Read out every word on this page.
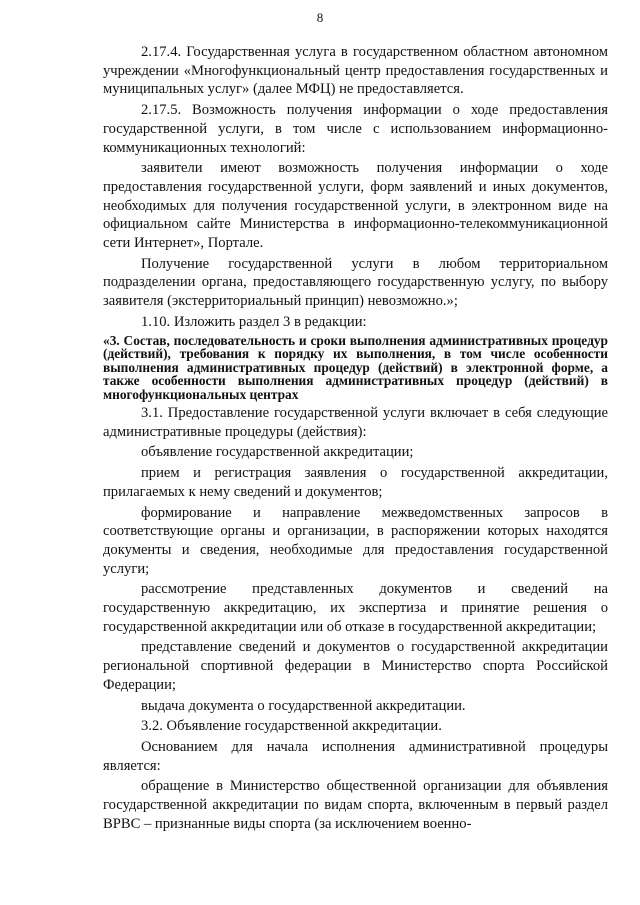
8

2.17.4. Государственная услуга в государственном областном автономном учреждении «Многофункциональный центр предоставления государственных и муниципальных услуг» (далее МФЦ) не предоставляется.

2.17.5. Возможность получения информации о ходе предоставления государственной услуги, в том числе с использованием информационно-коммуникационных технологий:

заявители имеют возможность получения информации о ходе предоставления государственной услуги, форм заявлений и иных документов, необходимых для получения государственной услуги, в электронном виде на официальном сайте Министерства в информационно-телекоммуникационной сети Интернет», Портале.

Получение государственной услуги в любом территориальном подразделении органа, предоставляющего государственную услугу, по выбору заявителя (экстерриториальный принцип) невозможно.»;

1.10. Изложить раздел 3 в редакции:

«3. Состав, последовательность и сроки выполнения административных процедур (действий), требования к порядку их выполнения, в том числе особенности выполнения административных процедур (действий) в электронной форме, а также особенности выполнения административных процедур (действий) в многофункциональных центрах

3.1. Предоставление государственной услуги включает в себя следующие административные процедуры (действия):

объявление государственной аккредитации;

прием и регистрация заявления о государственной аккредитации, прилагаемых к нему сведений и документов;

формирование и направление межведомственных запросов в соответствующие органы и организации, в распоряжении которых находятся документы и сведения, необходимые для предоставления государственной услуги;

рассмотрение представленных документов и сведений на государственную аккредитацию, их экспертиза и принятие решения о государственной аккредитации или об отказе в государственной аккредитации;

представление сведений и документов о государственной аккредитации региональной спортивной федерации в Министерство спорта Российской Федерации;

выдача документа о государственной аккредитации.

3.2. Объявление государственной аккредитации.

Основанием для начала исполнения административной процедуры является:

обращение в Министерство общественной организации для объявления государственной аккредитации по видам спорта, включенным в первый раздел ВРВС – признанные виды спорта (за исключением военно-
